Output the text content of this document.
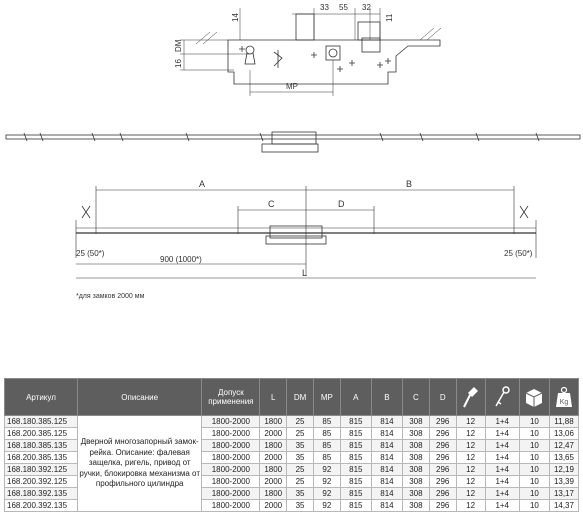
14
33 55 32
11
DM
16
MP
A	B
C	D
25 (50*)	25 (50*)
900 (1000*)
L
*для замков 2000 мм
Артикул	Описание	Допуск применения	L	DM	MP	A	B	C	D				Kg

168.180.385.125	Дверной многозапорный замок-рейка. Описание: фалевая защелка, ригель, привод от ручки, блокировка механизма от профильного цилиндра	1800-2000	1800	25	85	815	814	308	296	12	1+4	10	11,88
168.200.385.125		1800-2000	2000	25	85	815	814	308	296	12	1+4	10	13,06
168.180.385.135		1800-2000	1800	35	85	815	814	308	296	12	1+4	10	12,47
168.200.385.135		1800-2000	2000	35	85	815	814	308	296	12	1+4	10	13,65
168.180.392.125		1800-2000	1800	25	92	815	814	308	296	12	1+4	10	12,19
168.200.392.125		1800-2000	2000	25	92	815	814	308	296	12	1+4	10	13,39
168.180.392.135		1800-2000	1800	35	92	815	814	308	296	12	1+4	10	13,17
168.200.392.135		1800-2000	2000	35	92	815	814	308	296	12	1+4	10	14,37
